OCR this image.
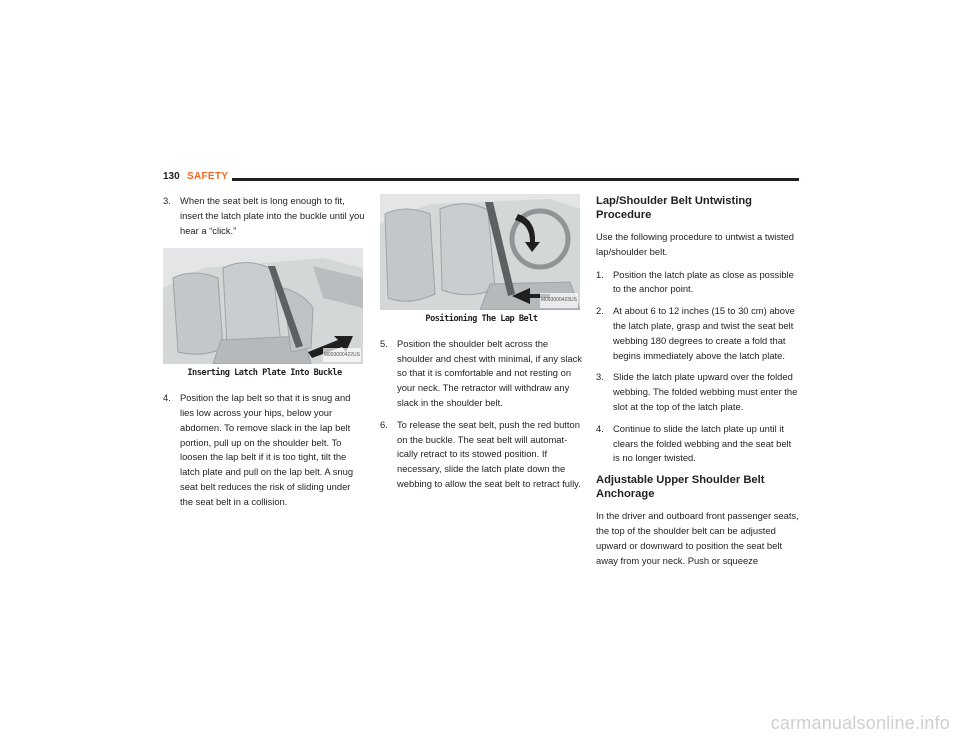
130 SAFETY
3. When the seat belt is long enough to fit, insert the latch plate into the buckle until you hear a “click.”
M093000422US
Inserting Latch Plate Into Buckle
4. Position the lap belt so that it is snug and lies low across your hips, below your abdomen. To remove slack in the lap belt portion, pull up on the shoulder belt. To loosen the lap belt if it is too tight, tilt the latch plate and pull on the lap belt. A snug seat belt reduces the risk of sliding under the seat belt in a collision.
M093000423US
Positioning The Lap Belt
5. Position the shoulder belt across the shoulder and chest with minimal, if any slack so that it is comfortable and not resting on your neck. The retractor will withdraw any slack in the shoulder belt.
6. To release the seat belt, push the red button on the buckle. The seat belt will automat-ically retract to its stowed position. If necessary, slide the latch plate down the webbing to allow the seat belt to retract fully.
Lap/Shoulder Belt Untwisting Procedure
Use the following procedure to untwist a twisted lap/shoulder belt.
1. Position the latch plate as close as possible to the anchor point.
2. At about 6 to 12 inches (15 to 30 cm) above the latch plate, grasp and twist the seat belt webbing 180 degrees to create a fold that begins immediately above the latch plate.
3. Slide the latch plate upward over the folded webbing. The folded webbing must enter the slot at the top of the latch plate.
4. Continue to slide the latch plate up until it clears the folded webbing and the seat belt is no longer twisted.
Adjustable Upper Shoulder Belt Anchorage
In the driver and outboard front passenger seats, the top of the shoulder belt can be adjusted upward or downward to position the seat belt away from your neck. Push or squeeze
carmanualsonline.info
